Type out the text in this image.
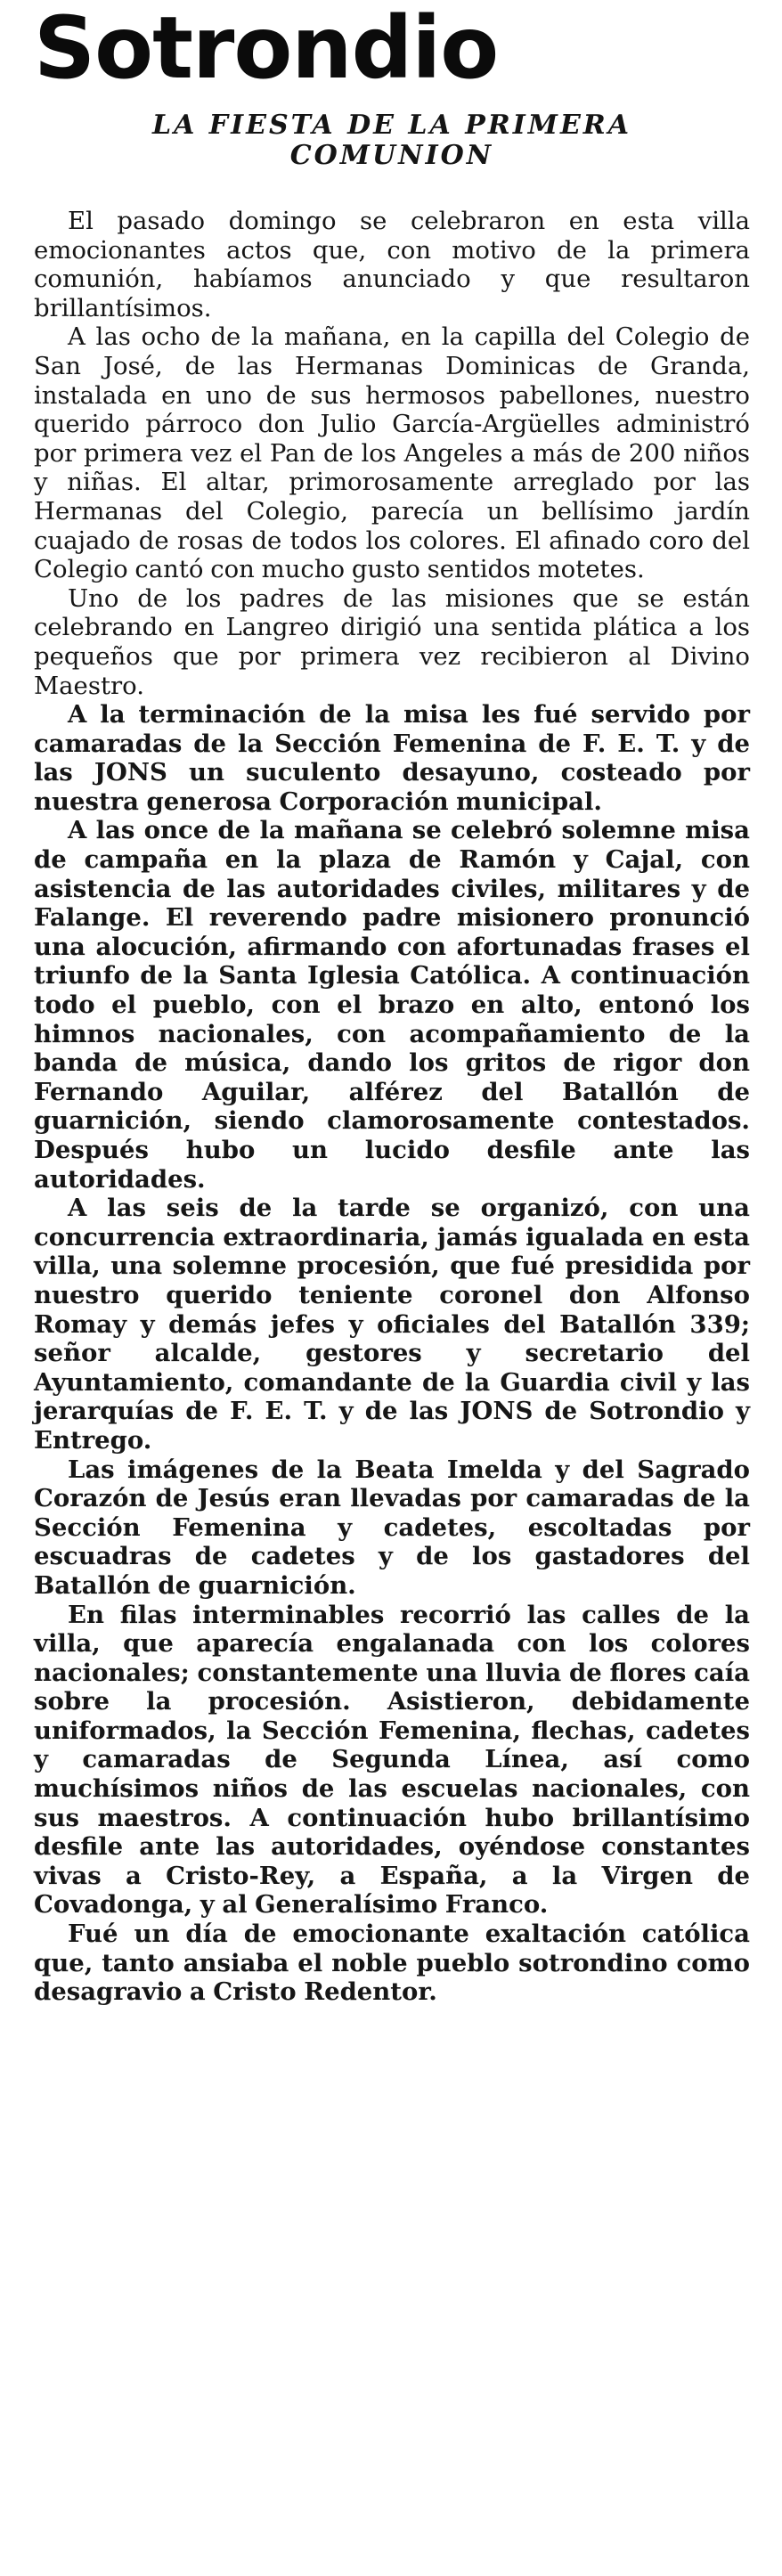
Sotrondio
LA FIESTA DE LA PRIMERA COMUNION

El pasado domingo se celebraron en esta villa emocionantes actos que, con motivo de la primera comunión, habíamos anunciado y que resultaron brillantísimos.

A las ocho de la mañana, en la capilla del Colegio de San José, de las Hermanas Dominicas de Granda, instalada en uno de sus hermosos pabellones, nuestro querido párroco don Julio García-Argüelles administró por primera vez el Pan de los Angeles a más de 200 niños y niñas. El altar, primorosamente arreglado por las Hermanas del Colegio, parecía un bellísimo jardín cuajado de rosas de todos los colores. El afinado coro del Colegio cantó con mucho gusto sentidos motetes.

Uno de los padres de las misiones que se están celebrando en Langreo dirigió una sentida plática a los pequeños que por primera vez recibieron al Divino Maestro.

A la terminación de la misa les fué servido por camaradas de la Sección Femenina de F. E. T. y de las JONS un suculento desayuno, costeado por nuestra generosa Corporación municipal.

A las once de la mañana se celebró solemne misa de campaña en la plaza de Ramón y Cajal, con asistencia de las autoridades civiles, militares y de Falange. El reverendo padre misionero pronunció una alocución, afirmando con afortunadas frases el triunfo de la Santa Iglesia Católica. A continuación todo el pueblo, con el brazo en alto, entonó los himnos nacionales, con acompañamiento de la banda de música, dando los gritos de rigor don Fernando Aguilar, alférez del Batallón de guarnición, siendo clamorosamente contestados. Después hubo un lucido desfile ante las autoridades.

A las seis de la tarde se organizó, con una concurrencia extraordinaria, jamás igualada en esta villa, una solemne procesión, que fué presidida por nuestro querido teniente coronel don Alfonso Romay y demás jefes y oficiales del Batallón 339; señor alcalde, gestores y secretario del Ayuntamiento, comandante de la Guardia civil y las jerarquías de F. E. T. y de las JONS de Sotrondio y Entrego.

Las imágenes de la Beata Imelda y del Sagrado Corazón de Jesús eran llevadas por camaradas de la Sección Femenina y cadetes, escoltadas por escuadras de cadetes y de los gastadores del Batallón de guarnición.

En filas interminables recorrió las calles de la villa, que aparecía engalanada con los colores nacionales; constantemente una lluvia de flores caía sobre la procesión. Asistieron, debidamente uniformados, la Sección Femenina, flechas, cadetes y camaradas de Segunda Línea, así como muchísimos niños de las escuelas nacionales, con sus maestros. A continuación hubo brillantísimo desfile ante las autoridades, oyéndose constantes vivas a Cristo-Rey, a España, a la Virgen de Covadonga, y al Generalísimo Franco.

Fué un día de emocionante exaltación católica que, tanto ansiaba el noble pueblo sotrondino como desagravio a Cristo Redentor.
